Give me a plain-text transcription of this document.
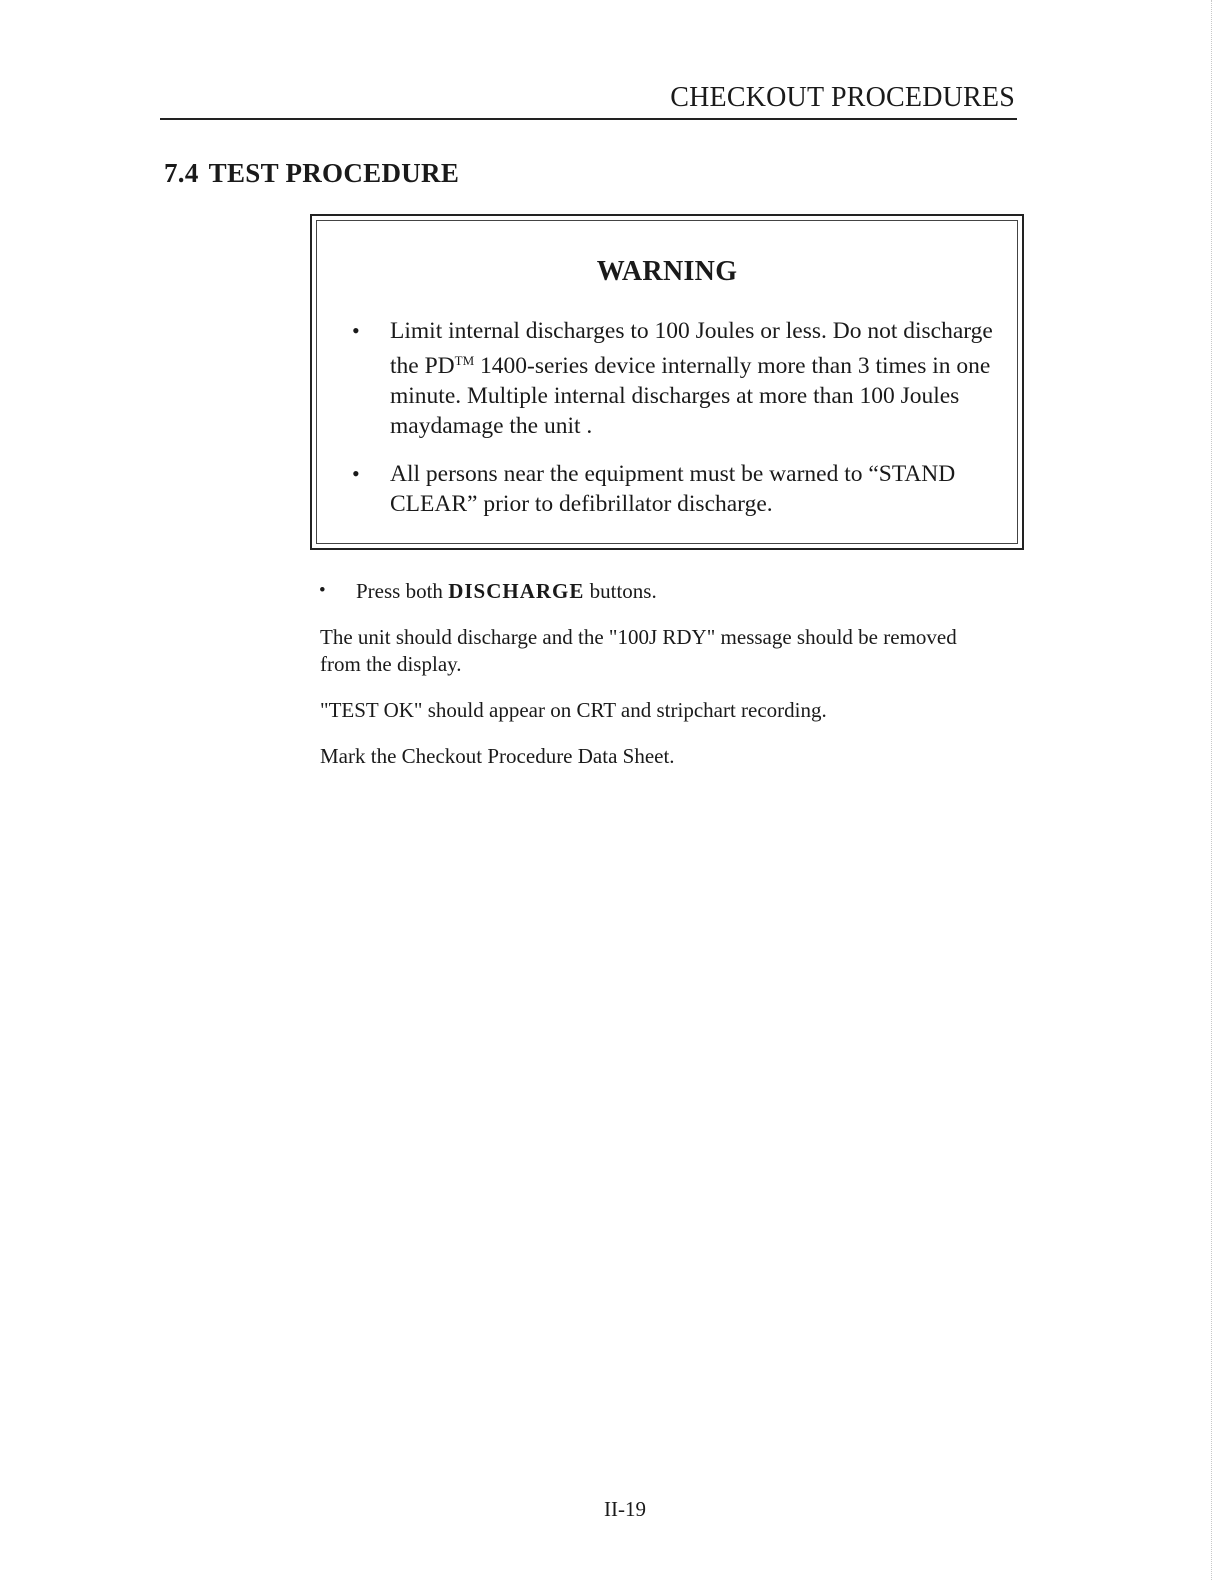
CHECKOUT PROCEDURES
7.4 TEST PROCEDURE
WARNING
• Limit internal discharges to 100 Joules or less. Do not discharge the PD™ 1400-series device internally more than 3 times in one minute. Multiple internal discharges at more than 100 Joules maydamage the unit .
• All persons near the equipment must be warned to “STAND CLEAR” prior to defibrillator discharge.
• Press both DISCHARGE buttons.
The unit should discharge and the "100J RDY" message should be removed from the display.
"TEST OK" should appear on CRT and stripchart recording.
Mark the Checkout Procedure Data Sheet.
II-19
